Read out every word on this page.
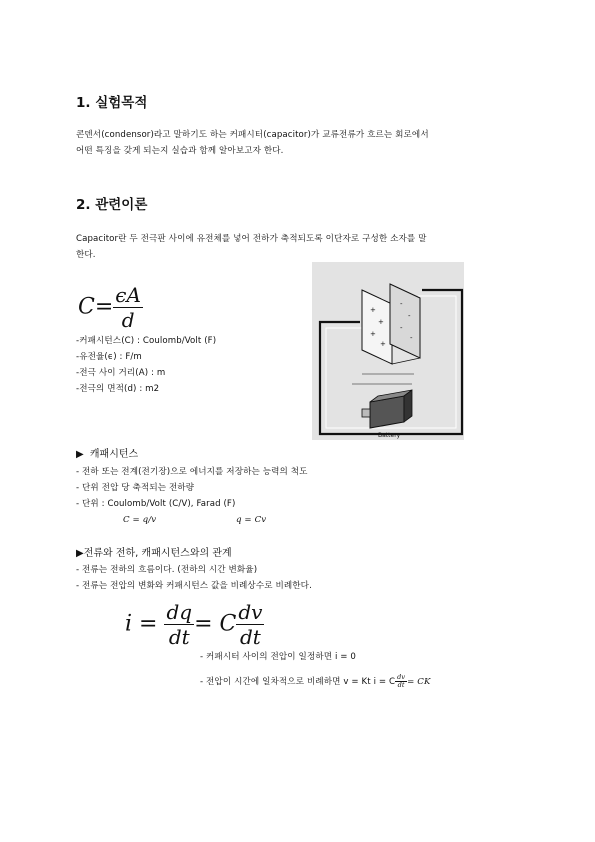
1. 실험목적
콘덴서(condensor)라고 말하기도 하는 커패시터(capacitor)가 교류전류가 흐르는 회로에서
어떤 특징을 갖게 되는지 실습과 함께 알아보고자 한다.
2. 관련이론
Capacitor란 두 전극판 사이에 유전체를 넣어 전하가 축적되도록 이단자로 구성한 소자를 말
한다.
$C= \frac{\epsilon A}{d}$
-커패시턴스(C) : Coulomb/Volt (F)
-유전율(ϵ) : F/m
-전극 사이 거리(A) : m
-전극의 면적(d) : m2
+
+
+
+
-
-
-
-
Battery
▶ 캐패시턴스
- 전하 또는 전계(전기장)으로 에너지를 저장하는 능력의 척도
- 단위 전압 당 축적되는 전하량
- 단위 : Coulomb/Volt (C/V), Farad (F)
C = q/v	q = Cv
▶전류와 전하, 캐패시턴스와의 관계
- 전류는 전하의 흐름이다. (전하의 시간 변화율)
- 전류는 전압의 변화와 커패시턴스 값을 비례상수로 비례한다.
$i = \frac{dq}{dt} = C \frac{dv}{dt}$
- 커패시터 사이의 전압이 일정하면 i = 0
- 전압이 시간에 일차적으로 비례하면 v = Kt i = C $\frac{dv}{dt}$ = CK
